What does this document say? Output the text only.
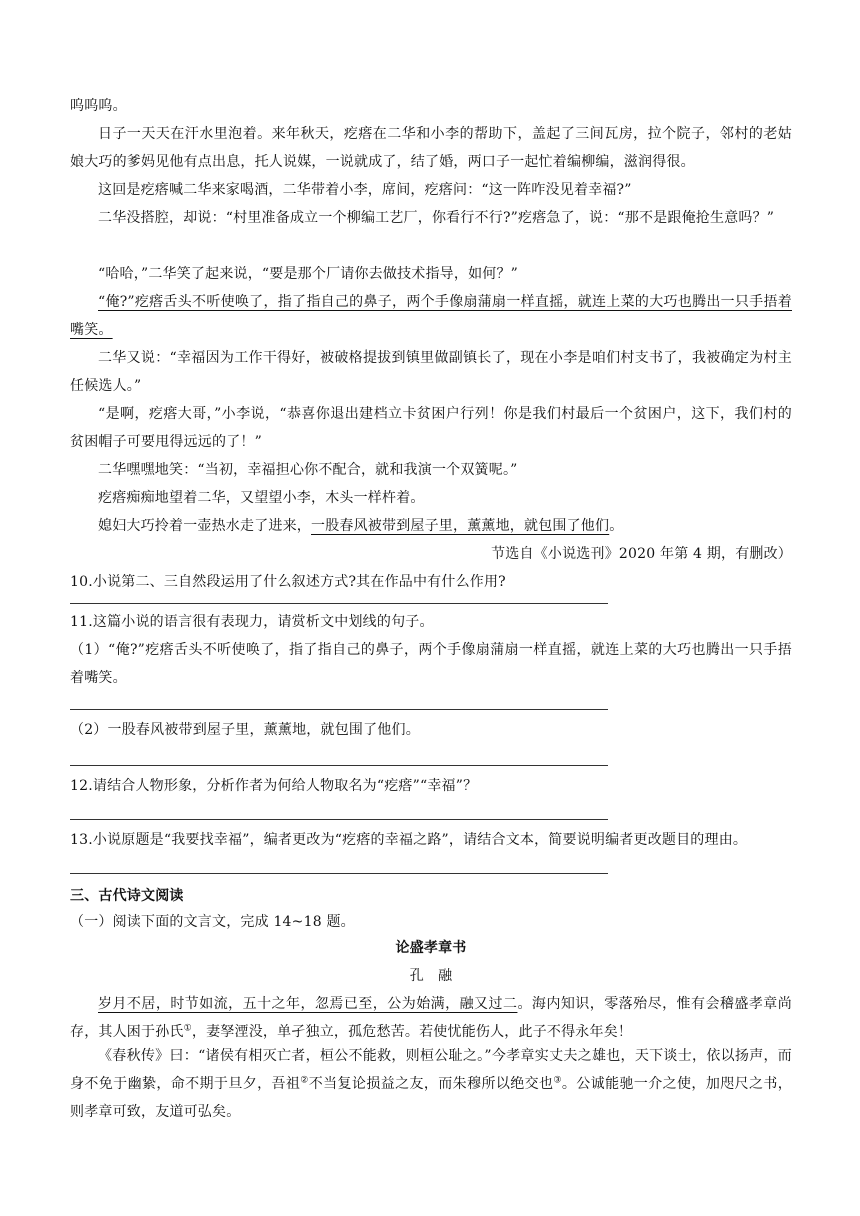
呜呜呜。
日子一天天在汗水里泡着。来年秋天，疙瘩在二华和小李的帮助下，盖起了三间瓦房，拉个院子，邻村的老姑娘大巧的爹妈见他有点出息，托人说媒，一说就成了，结了婚，两口子一起忙着编柳编，滋润得很。
这回是疙瘩喊二华来家喝酒，二华带着小李，席间，疙瘩问：“这一阵咋没见着幸福?”
二华没搭腔，却说：“村里准备成立一个柳编工艺厂，你看行不行?”疙瘩急了，说：“那不是跟俺抢生意吗？”
“哈哈，”二华笑了起来说，“要是那个厂请你去做技术指导，如何？”
“俺?”疙瘩舌头不听使唤了，指了指自己的鼻子，两个手像扇蒲扇一样直摇，就连上菜的大巧也腾出一只手捂着嘴笑。
二华又说：“幸福因为工作干得好，被破格提拔到镇里做副镇长了，现在小李是咱们村支书了，我被确定为村主任候选人。”
“是啊，疙瘩大哥，”小李说，“恭喜你退出建档立卡贫困户行列！你是我们村最后一个贫困户，这下，我们村的贫困帽子可要甩得远远的了！”
二华嘿嘿地笑：“当初，幸福担心你不配合，就和我演一个双簧呢。”
疙瘩痴痴地望着二华，又望望小李，木头一样杵着。
媳妇大巧拎着一壶热水走了进来，一股春风被带到屋子里，薰薰地，就包围了他们。
节选自《小说选刊》2020 年第 4 期，有删改）
10.小说第二、三自然段运用了什么叙述方式?其在作品中有什么作用?
11.这篇小说的语言很有表现力，请赏析文中划线的句子。
（1）“俺?”疙瘩舌头不听使唤了，指了指自己的鼻子，两个手像扇蒲扇一样直摇，就连上菜的大巧也腾出一只手捂着嘴笑。
（2）一股春风被带到屋子里，薰薰地，就包围了他们。
12.请结合人物形象，分析作者为何给人物取名为“疙瘩”“幸福”？
13.小说原题是“我要找幸福”，编者更改为“疙瘩的幸福之路”，请结合文本，简要说明编者更改题目的理由。
三、古代诗文阅读
（一）阅读下面的文言文，完成 14~18 题。
论盛孝章书
孔　融
岁月不居，时节如流，五十之年，忽焉已至，公为始满，融又过二。海内知识，零落殆尽，惟有会稽盛孝章尚存，其人困于孙氏①，妻孥湮没，单孑独立，孤危愁苦。若使忧能伤人，此子不得永年矣！
《春秋传》曰：“诸侯有相灭亡者，桓公不能救，则桓公耻之。”今孝章实丈夫之雄也，天下谈士，依以扬声，而身不免于幽絷，命不期于旦夕，吾祖②不当复论损益之友，而朱穆所以绝交也③。公诚能驰一介之使，加咫尺之书，则孝章可致，友道可弘矣。
